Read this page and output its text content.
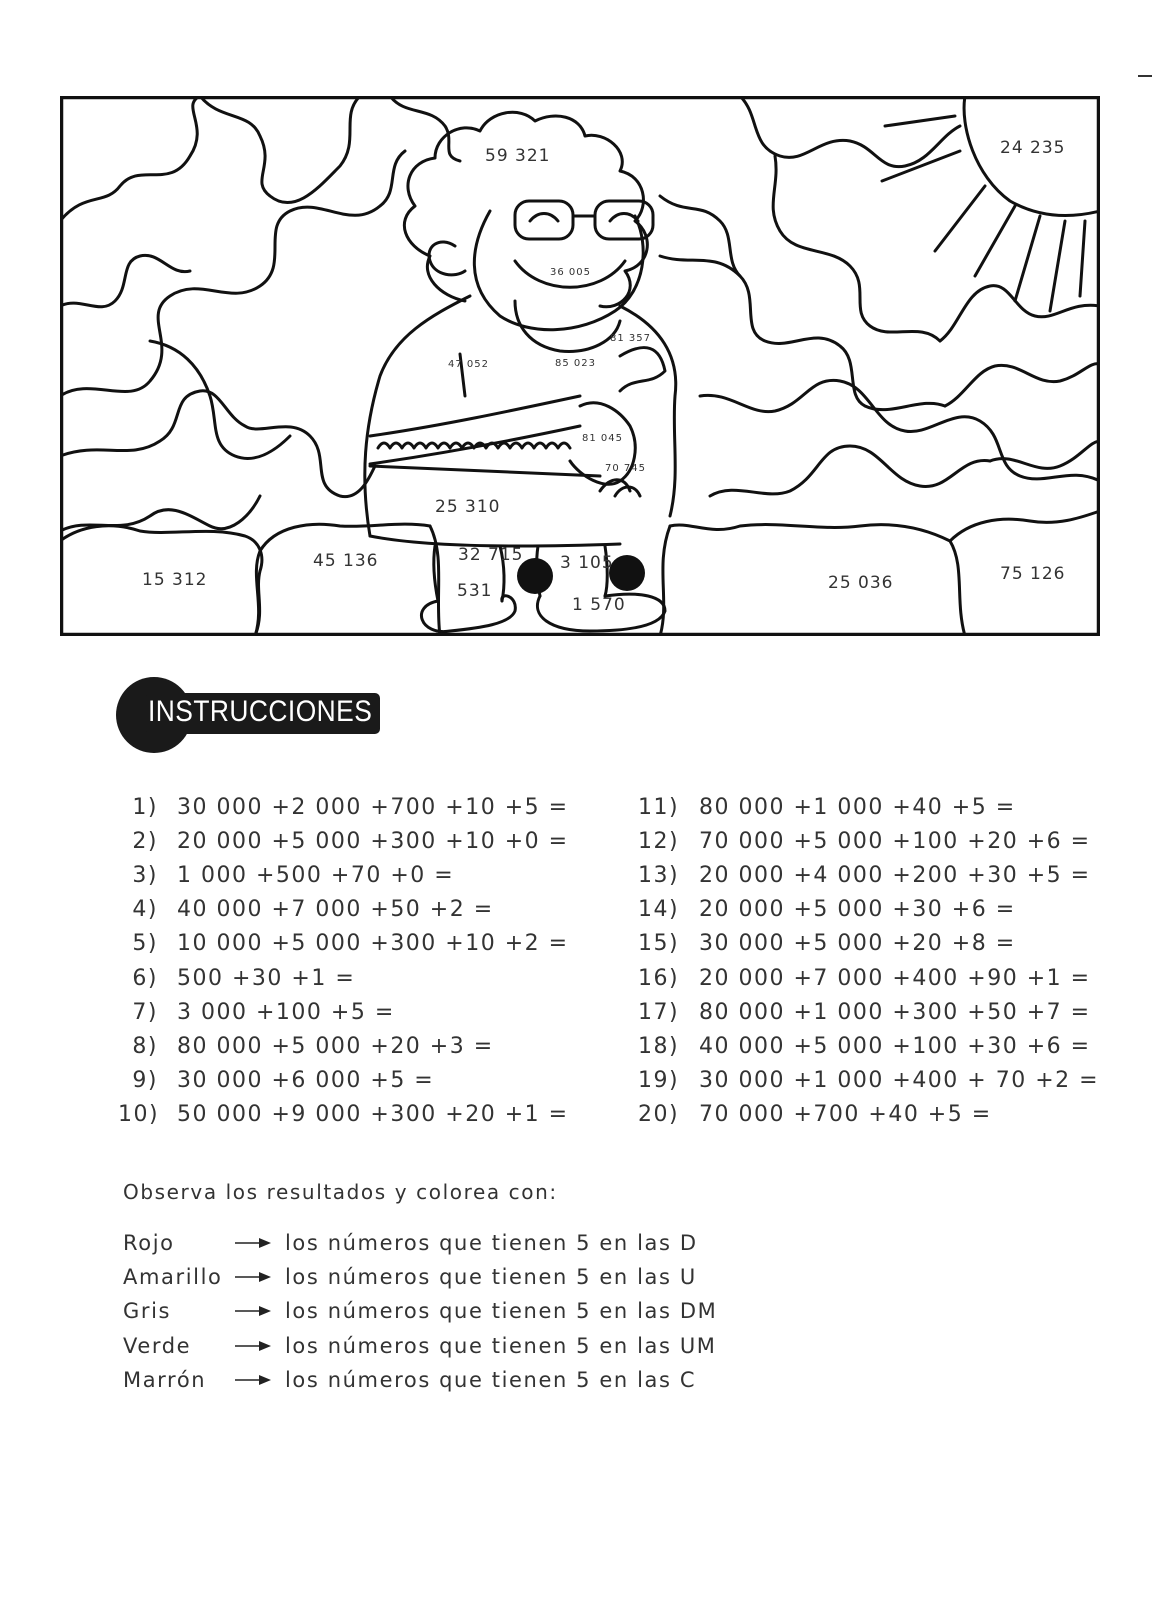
59 321	24 235
36 005
81 357
47 052	85 023
81 045
70 745
25 310
15 312
45 136	32 715 3 105
531
1 570
25 036	75 126
INSTRUCCIONES
1) 30 000 +2 000 +700 +10 +5 =
2) 20 000 +5 000 +300 +10 +0 =
3) 1 000 +500 +70 +0 =
4) 40 000 +7 000 +50 +2 =
5) 10 000 +5 000 +300 +10 +2 =
6) 500 +30 +1 =
7) 3 000 +100 +5 =
8) 80 000 +5 000 +20 +3 =
9) 30 000 +6 000 +5 =
10) 50 000 +9 000 +300 +20 +1 =
11) 80 000 +1 000 +40 +5 =
12) 70 000 +5 000 +100 +20 +6 =
13) 20 000 +4 000 +200 +30 +5 =
14) 20 000 +5 000 +30 +6 =
15) 30 000 +5 000 +20 +8 =
16) 20 000 +7 000 +400 +90 +1 =
17) 80 000 +1 000 +300 +50 +7 =
18) 40 000 +5 000 +100 +30 +6 =
19) 30 000 +1 000 +400 + 70 +2 =
20) 70 000 +700 +40 +5 =
Observa los resultados y colorea con:
Rojo	los números que tienen 5 en las D
Amarillo	los números que tienen 5 en las U
Gris	los números que tienen 5 en las DM
Verde	los números que tienen 5 en las UM
Marrón	los números que tienen 5 en las C
